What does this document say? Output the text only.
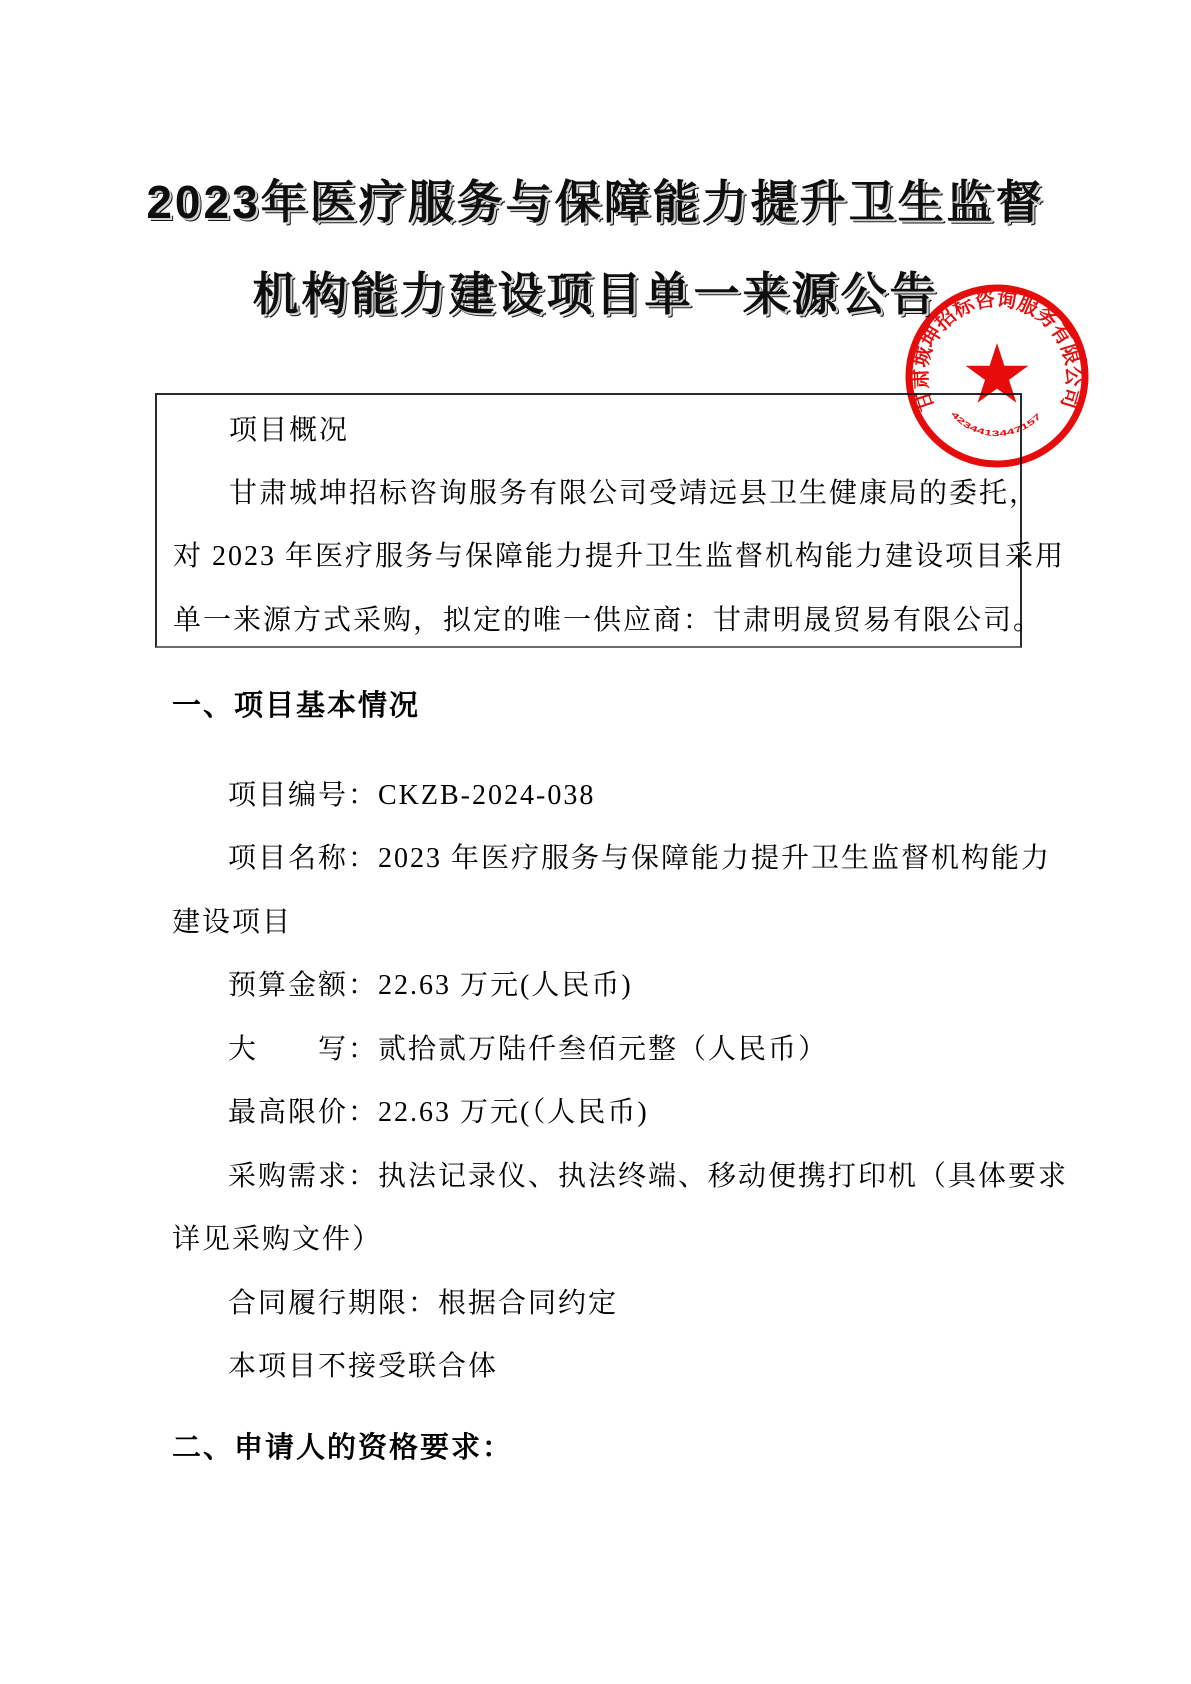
2023年医疗服务与保障能力提升卫生监督
机构能力建设项目单一来源公告
项目概况
甘肃城坤招标咨询服务有限公司受靖远县卫生健康局的委托，
对 2023 年医疗服务与保障能力提升卫生监督机构能力建设项目采用
单一来源方式采购，拟定的唯一供应商：甘肃明晟贸易有限公司。
一、项目基本情况
项目编号：CKZB-2024-038
项目名称：2023 年医疗服务与保障能力提升卫生监督机构能力
建设项目
预算金额：22.63 万元(人民币)
大　　写：贰拾贰万陆仟叁佰元整（人民币）
最高限价：22.63 万元(（人民币)
采购需求：执法记录仪、执法终端、移动便携打印机（具体要求
详见采购文件）
合同履行期限：根据合同约定
本项目不接受联合体
二、申请人的资格要求：
甘肃城坤招标咨询服务有限公司
4234413447157
